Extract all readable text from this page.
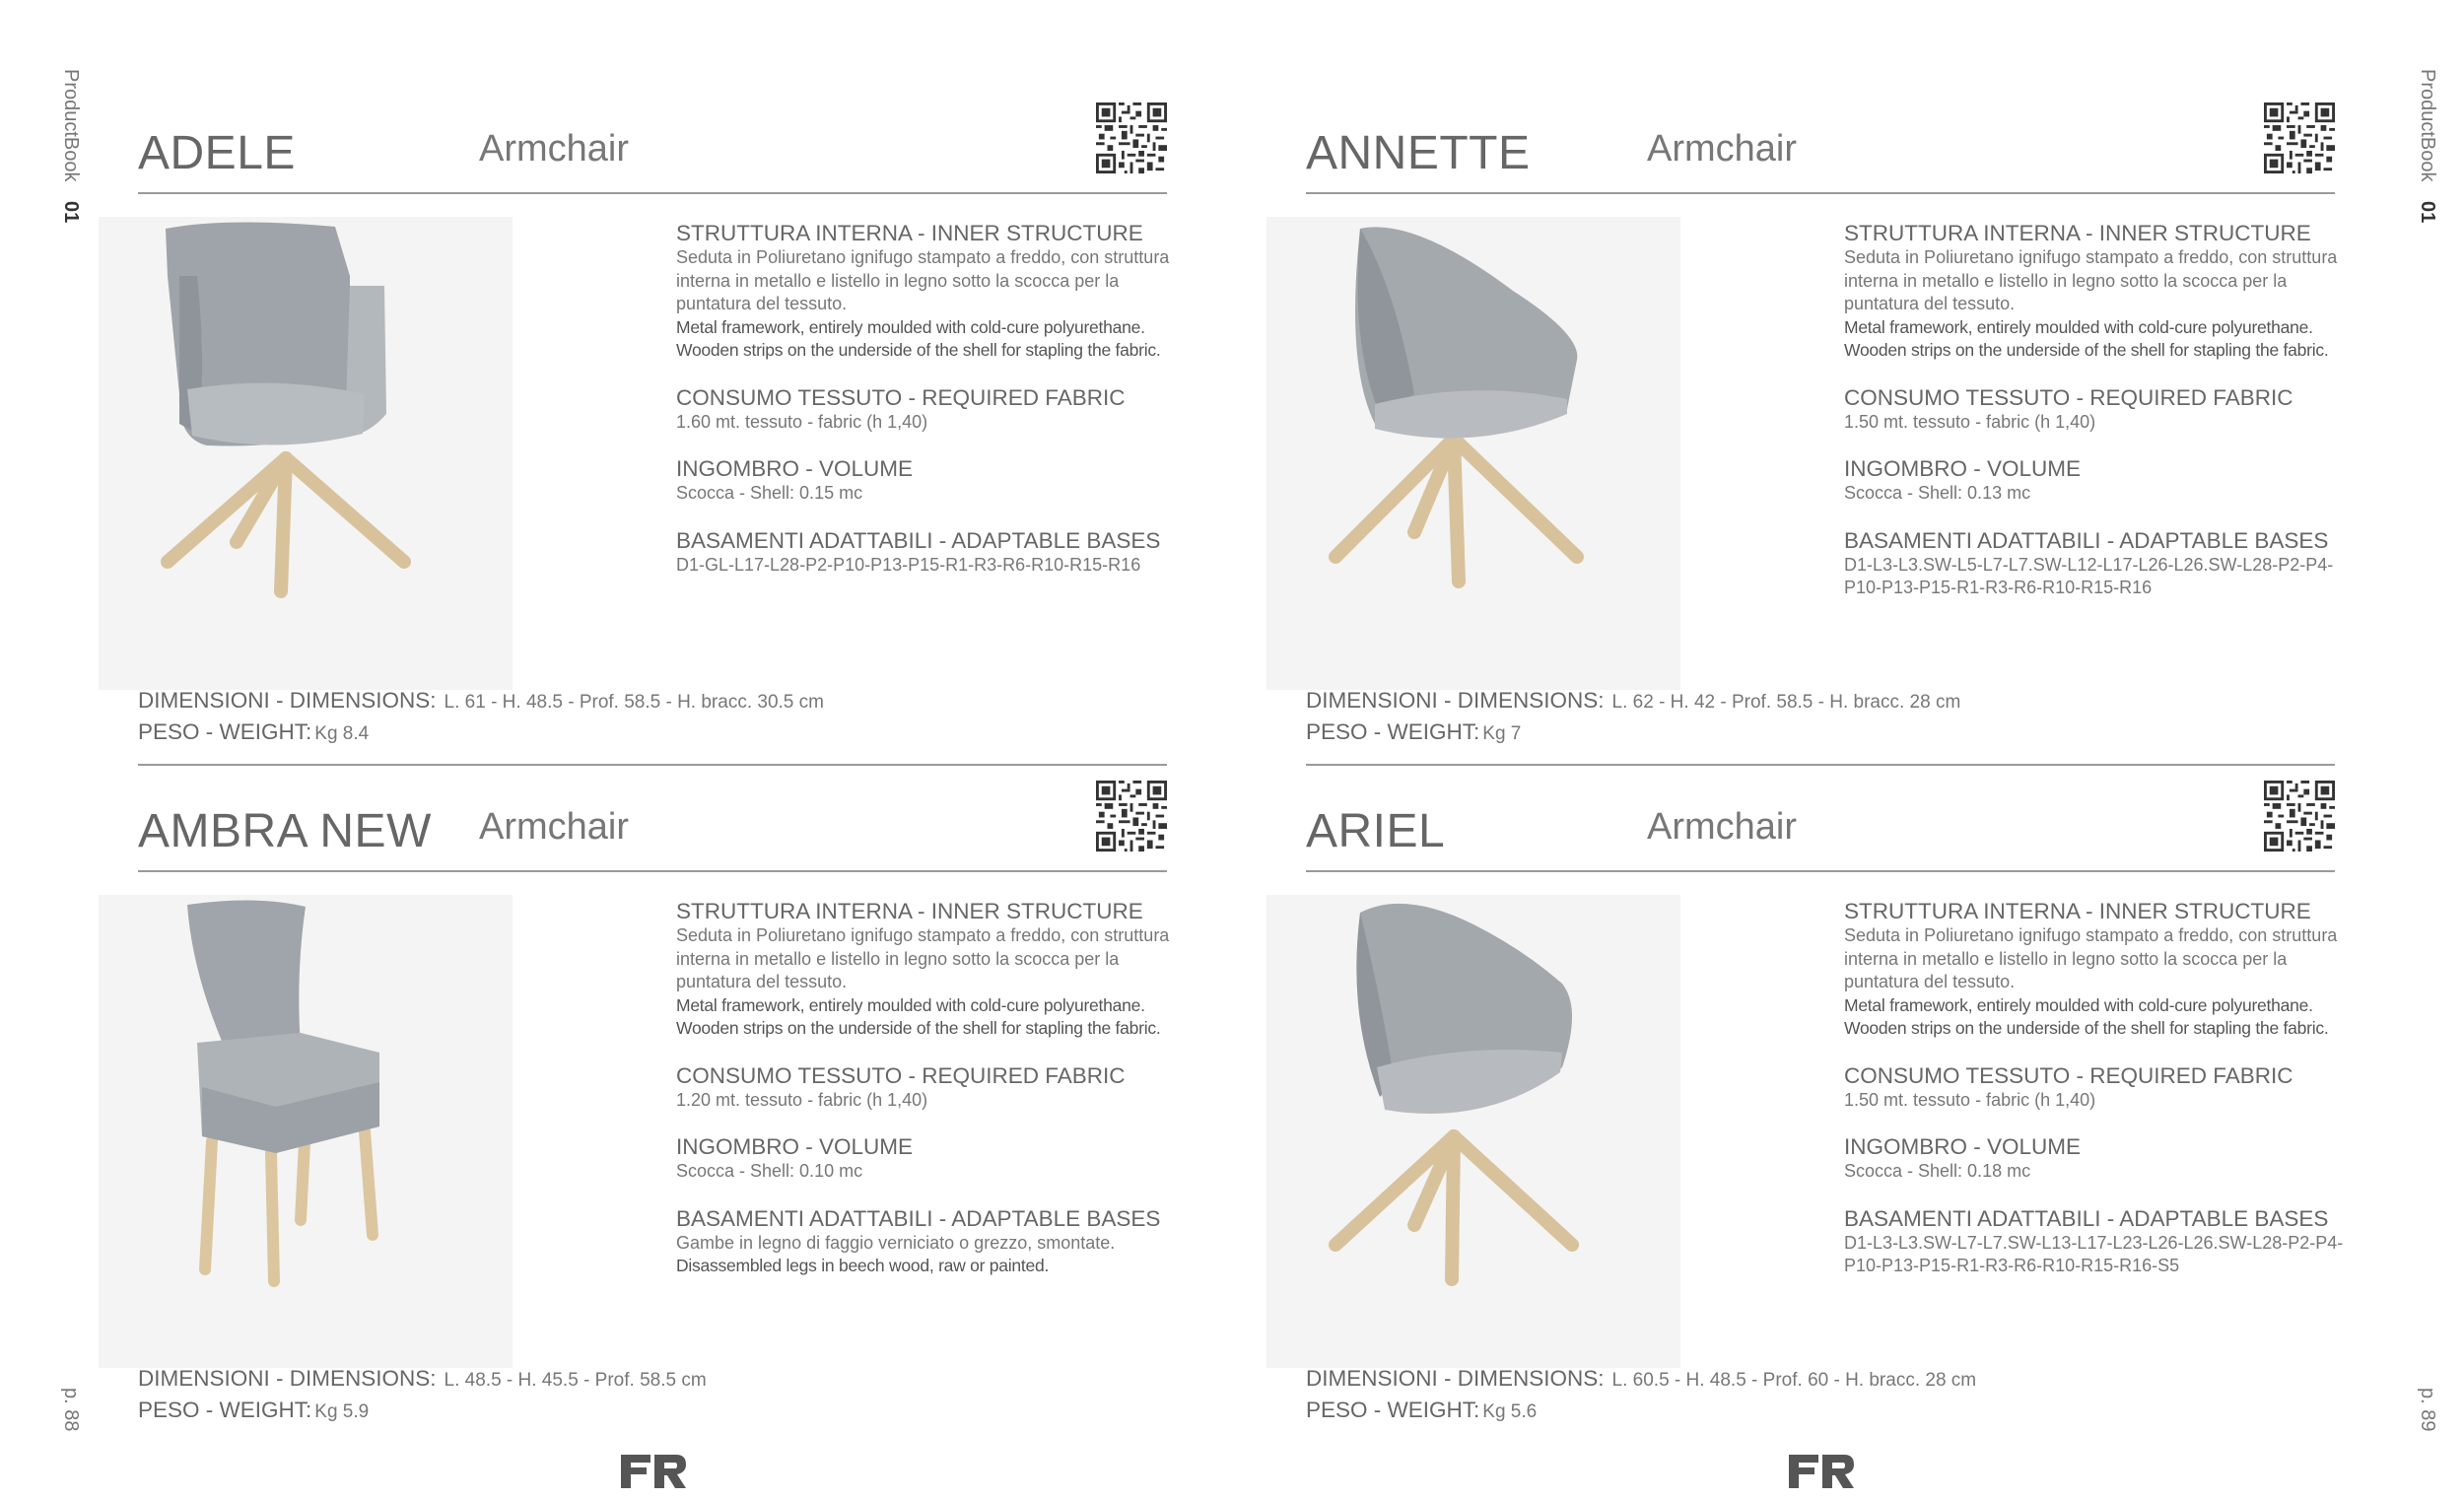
ProductBook 01
p. 88
ProductBook 01
p. 89
ADELE	Armchair
STRUTTURA INTERNA - INNER STRUCTURE

Seduta in Poliuretano ignifugo stampato a freddo, con struttura interna in metallo e listello in legno sotto la scocca per la puntatura del tessuto.

Metal framework, entirely moulded with cold-cure polyurethane. Wooden strips on the underside of the shell for stapling the fabric.

CONSUMO TESSUTO - REQUIRED FABRIC

1.60 mt. tessuto - fabric (h 1,40)

INGOMBRO - VOLUME

Scocca - Shell: 0.15 mc

BASAMENTI ADATTABILI - ADAPTABLE BASES

D1-GL-L17-L28-P2-P10-P13-P15-R1-R3-R6-R10-R15-R16

DIMENSIONI - DIMENSIONS: L. 61 - H. 48.5 - Prof. 58.5 - H. bracc. 30.5 cm
PESO - WEIGHT: Kg 8.4
ANNETTE	Armchair
STRUTTURA INTERNA - INNER STRUCTURE

Seduta in Poliuretano ignifugo stampato a freddo, con struttura interna in metallo e listello in legno sotto la scocca per la puntatura del tessuto.

Metal framework, entirely moulded with cold-cure polyurethane. Wooden strips on the underside of the shell for stapling the fabric.

CONSUMO TESSUTO - REQUIRED FABRIC

1.50 mt. tessuto - fabric (h 1,40)

INGOMBRO - VOLUME

Scocca - Shell: 0.13 mc

BASAMENTI ADATTABILI - ADAPTABLE BASES

D1-L3-L3.SW-L5-L7-L7.SW-L12-L17-L26-L26.SW-L28-P2-P4-P10-P13-P15-R1-R3-R6-R10-R15-R16

DIMENSIONI - DIMENSIONS: L. 62 - H. 42 - Prof. 58.5 - H. bracc. 28 cm
PESO - WEIGHT: Kg 7
AMBRA NEW Armchair
STRUTTURA INTERNA - INNER STRUCTURE

Seduta in Poliuretano ignifugo stampato a freddo, con struttura interna in metallo e listello in legno sotto la scocca per la puntatura del tessuto.

Metal framework, entirely moulded with cold-cure polyurethane. Wooden strips on the underside of the shell for stapling the fabric.

CONSUMO TESSUTO - REQUIRED FABRIC

1.20 mt. tessuto - fabric (h 1,40)

INGOMBRO - VOLUME

Scocca - Shell: 0.10 mc

BASAMENTI ADATTABILI - ADAPTABLE BASES

Gambe in legno di faggio verniciato o grezzo, smontate.

Disassembled legs in beech wood, raw or painted.

DIMENSIONI - DIMENSIONS: L. 48.5 - H. 45.5 - Prof. 58.5 cm
PESO - WEIGHT: Kg 5.9
ARIEL	Armchair
STRUTTURA INTERNA - INNER STRUCTURE

Seduta in Poliuretano ignifugo stampato a freddo, con struttura interna in metallo e listello in legno sotto la scocca per la puntatura del tessuto.

Metal framework, entirely moulded with cold-cure polyurethane. Wooden strips on the underside of the shell for stapling the fabric.

CONSUMO TESSUTO - REQUIRED FABRIC

1.50 mt. tessuto - fabric (h 1,40)

INGOMBRO - VOLUME

Scocca - Shell: 0.18 mc

BASAMENTI ADATTABILI - ADAPTABLE BASES

D1-L3-L3.SW-L7-L7.SW-L13-L17-L23-L26-L26.SW-L28-P2-P4-P10-P13-P15-R1-R3-R6-R10-R15-R16-S5

DIMENSIONI - DIMENSIONS: L. 60.5 - H. 48.5 - Prof. 60 - H. bracc. 28 cm
PESO - WEIGHT: Kg 5.6
